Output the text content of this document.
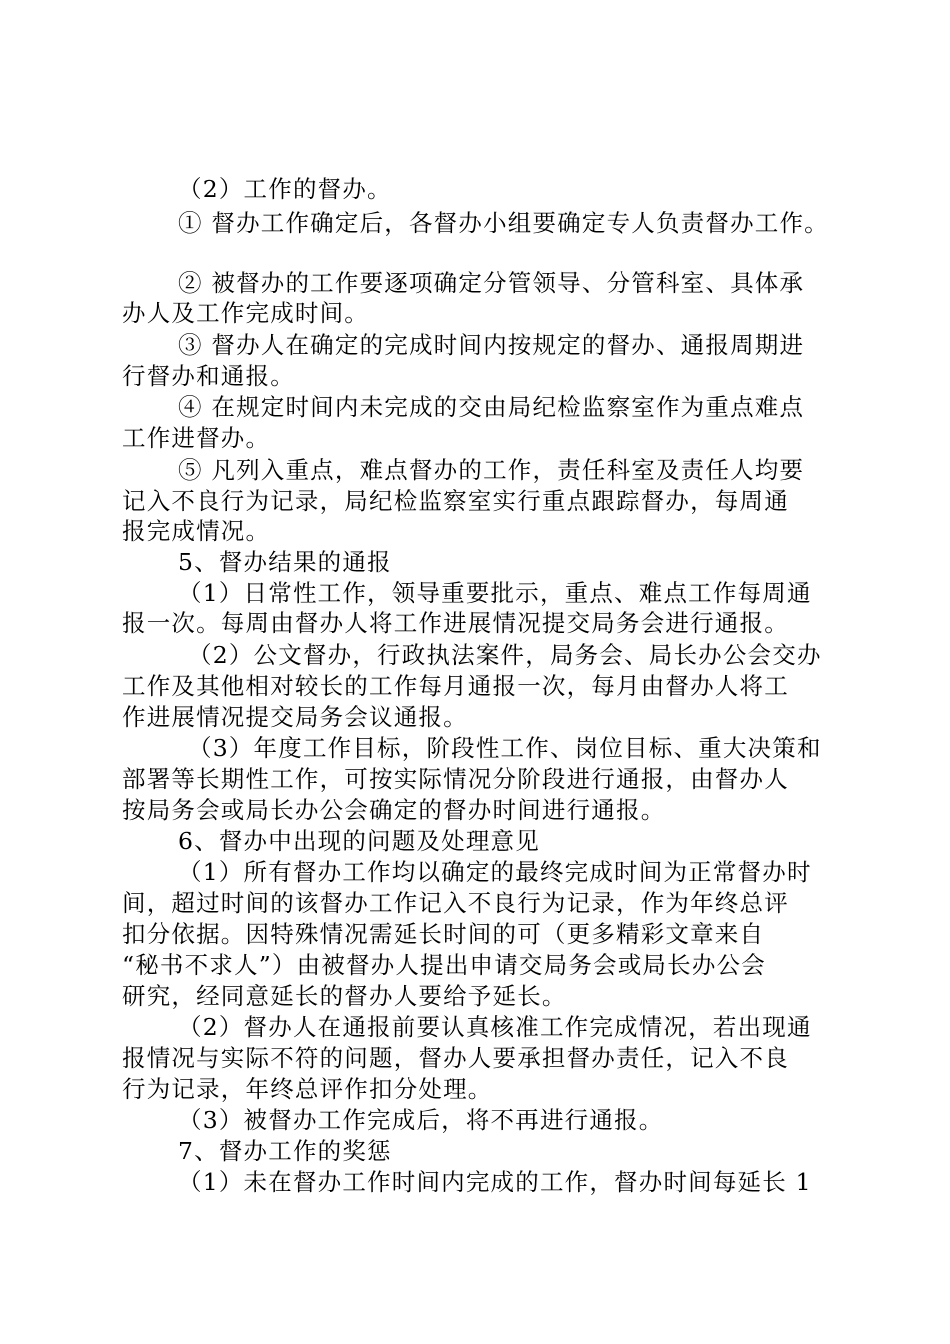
（2）工作的督办。
① 督办工作确定后，各督办小组要确定专人负责督办工作。
② 被督办的工作要逐项确定分管领导、分管科室、具体承
办人及工作完成时间。
③ 督办人在确定的完成时间内按规定的督办、通报周期进
行督办和通报。
④ 在规定时间内未完成的交由局纪检监察室作为重点难点
工作进督办。
⑤ 凡列入重点，难点督办的工作，责任科室及责任人均要
记入不良行为记录，局纪检监察室实行重点跟踪督办，每周通
报完成情况。
5、督办结果的通报
（1）日常性工作，领导重要批示，重点、难点工作每周通
报一次。每周由督办人将工作进展情况提交局务会进行通报。
（2）公文督办，行政执法案件，局务会、局长办公会交办
工作及其他相对较长的工作每月通报一次，每月由督办人将工
作进展情况提交局务会议通报。
（3）年度工作目标，阶段性工作、岗位目标、重大决策和
部署等长期性工作，可按实际情况分阶段进行通报，由督办人
按局务会或局长办公会确定的督办时间进行通报。
6、督办中出现的问题及处理意见
（1）所有督办工作均以确定的最终完成时间为正常督办时
间，超过时间的该督办工作记入不良行为记录，作为年终总评
扣分依据。因特殊情况需延长时间的可（更多精彩文章来自
“秘书不求人”）由被督办人提出申请交局务会或局长办公会
研究，经同意延长的督办人要给予延长。
（2）督办人在通报前要认真核准工作完成情况，若出现通
报情况与实际不符的问题，督办人要承担督办责任，记入不良
行为记录，年终总评作扣分处理。
（3）被督办工作完成后，将不再进行通报。
7、督办工作的奖惩
（1）未在督办工作时间内完成的工作，督办时间每延长 1
